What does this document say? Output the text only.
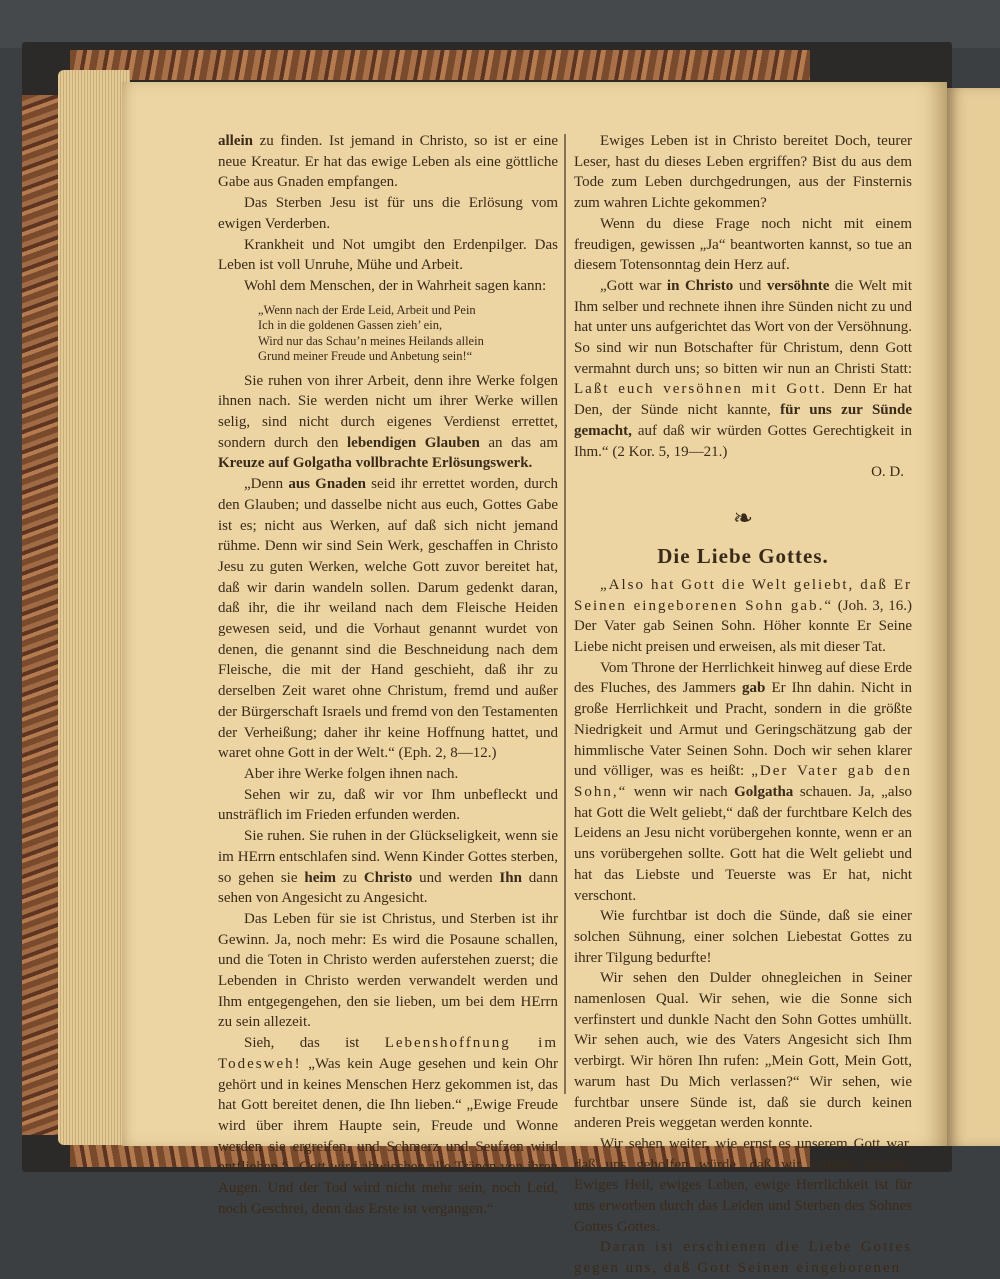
allein zu finden. Ist jemand in Christo, so ist er eine neue Kreatur. Er hat das ewige Leben als eine göttliche Gabe aus Gnaden empfangen.

Das Sterben Jesu ist für uns die Erlösung vom ewigen Verderben.

Krankheit und Not umgibt den Erdenpilger. Das Leben ist voll Unruhe, Mühe und Arbeit.

Wohl dem Menschen, der in Wahrheit sagen kann:

„Wenn nach der Erde Leid, Arbeit und Pein
Ich in die goldenen Gassen zieh’ ein,
Wird nur das Schau’n meines Heilands allein
Grund meiner Freude und Anbetung sein!“

Sie ruhen von ihrer Arbeit, denn ihre Werke folgen ihnen nach. Sie werden nicht um ihrer Werke willen selig, sind nicht durch eigenes Verdienst errettet, sondern durch den lebendigen Glauben an das am Kreuze auf Golgatha vollbrachte Erlösungswerk.

„Denn aus Gnaden seid ihr errettet worden, durch den Glauben; und dasselbe nicht aus euch, Gottes Gabe ist es; nicht aus Werken, auf daß sich nicht jemand rühme. Denn wir sind Sein Werk, geschaffen in Christo Jesu zu guten Werken, welche Gott zuvor bereitet hat, daß wir darin wandeln sollen. Darum gedenkt daran, daß ihr, die ihr weiland nach dem Fleische Heiden gewesen seid, und die Vorhaut genannt wurdet von denen, die genannt sind die Beschneidung nach dem Fleische, die mit der Hand geschieht, daß ihr zu derselben Zeit waret ohne Christum, fremd und außer der Bürgerschaft Israels und fremd von den Testamenten der Verheißung; daher ihr keine Hoffnung hattet, und waret ohne Gott in der Welt.“ (Eph. 2, 8—12.)

Aber ihre Werke folgen ihnen nach.

Sehen wir zu, daß wir vor Ihm unbefleckt und unsträflich im Frieden erfunden werden.

Sie ruhen. Sie ruhen in der Glückseligkeit, wenn sie im HErrn entschlafen sind. Wenn Kinder Gottes sterben, so gehen sie heim zu Christo und werden Ihn dann sehen von Angesicht zu Angesicht.

Das Leben für sie ist Christus, und Sterben ist ihr Gewinn. Ja, noch mehr: Es wird die Posaune schallen, und die Toten in Christo werden auferstehen zuerst; die Lebenden in Christo werden verwandelt werden und Ihm entgegengehen, den sie lieben, um bei dem HErrn zu sein allezeit.

Sieh, das ist Lebenshoffnung im Todesweh! „Was kein Auge gesehen und kein Ohr gehört und in keines Menschen Herz gekommen ist, das hat Gott bereitet denen, die Ihn lieben.“ „Ewige Freude wird über ihrem Haupte sein, Freude und Wonne werden sie ergreifen, und Schmerz und Seufzen wird entfliehen.“ „Gott wird abwischen alle Tränen von ihren Augen. Und der Tod wird nicht mehr sein, noch Leid, noch Geschrei, denn das Erste ist vergangen.“

Ewiges Leben ist in Christo bereitet Doch, teurer Leser, hast du dieses Leben ergriffen? Bist du aus dem Tode zum Leben durchgedrungen, aus der Finsternis zum wahren Lichte gekommen?

Wenn du diese Frage noch nicht mit einem freudigen, gewissen „Ja“ beantworten kannst, so tue an diesem Totensonntag dein Herz auf.

„Gott war in Christo und versöhnte die Welt mit Ihm selber und rechnete ihnen ihre Sünden nicht zu und hat unter uns aufgerichtet das Wort von der Versöhnung. So sind wir nun Botschafter für Christum, denn Gott vermahnt durch uns; so bitten wir nun an Christi Statt: Laßt euch versöhnen mit Gott. Denn Er hat Den, der Sünde nicht kannte, für uns zur Sünde gemacht, auf daß wir würden Gottes Gerechtigkeit in Ihm.“ (2 Kor. 5, 19—21.)

O. D.
❧
Die Liebe Gottes.

„Also hat Gott die Welt geliebt, daß Er Seinen eingeborenen Sohn gab.“ (Joh. 3, 16.) Der Vater gab Seinen Sohn. Höher konnte Er Seine Liebe nicht preisen und erweisen, als mit dieser Tat.

Vom Throne der Herrlichkeit hinweg auf diese Erde des Fluches, des Jammers gab Er Ihn dahin. Nicht in große Herrlichkeit und Pracht, sondern in die größte Niedrigkeit und Armut und Geringschätzung gab der himmlische Vater Seinen Sohn. Doch wir sehen klarer und völliger, was es heißt: „Der Vater gab den Sohn,“ wenn wir nach Golgatha schauen. Ja, „also hat Gott die Welt geliebt,“ daß der furchtbare Kelch des Leidens an Jesu nicht vorübergehen konnte, wenn er an uns vorübergehen sollte. Gott hat die Welt geliebt und hat das Liebste und Teuerste was Er hat, nicht verschont.

Wie furchtbar ist doch die Sünde, daß sie einer solchen Sühnung, einer solchen Liebestat Gottes zu ihrer Tilgung bedurfte!

Wir sehen den Dulder ohnegleichen in Seiner namenlosen Qual. Wir sehen, wie die Sonne sich verfinstert und dunkle Nacht den Sohn Gottes umhüllt. Wir sehen auch, wie des Vaters Angesicht sich Ihm verbirgt. Wir hören Ihn rufen: „Mein Gott, Mein Gott, warum hast Du Mich verlassen?“ Wir sehen, wie furchtbar unsere Sünde ist, daß sie durch keinen anderen Preis weggetan werden konnte.

Wir sehen weiter, wie ernst es unserem Gott war, daß uns geholfen würde, daß wir errettet würden. Ewiges Heil, ewiges Leben, ewige Herrlichkeit ist für uns erworben durch das Leiden und Sterben des Sohnes Gottes Gottes.

Daran ist erschienen die Liebe Gottes gegen uns, daß Gott Seinen eingeborenen
